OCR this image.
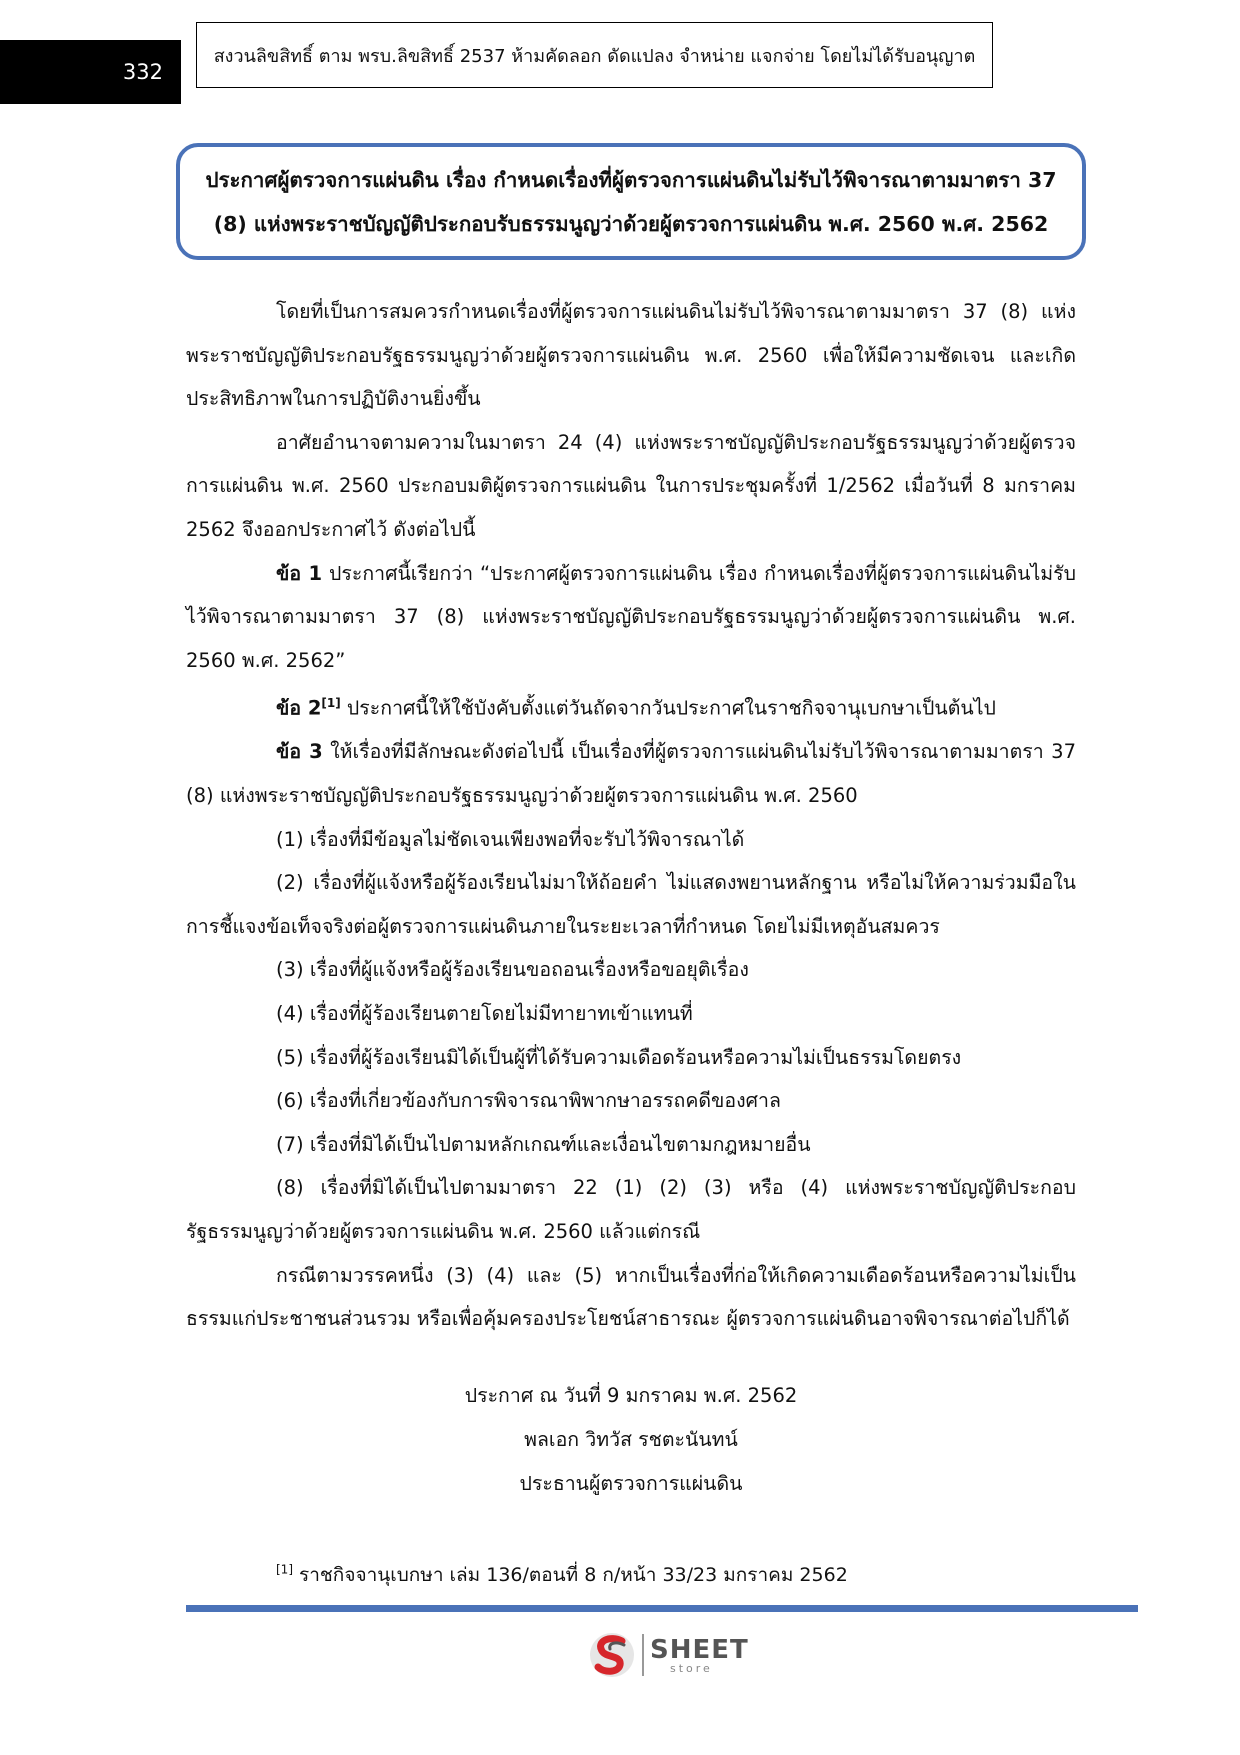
332
สงวนลิขสิทธิ์ ตาม พรบ.ลิขสิทธิ์ 2537 ห้ามคัดลอก ดัดแปลง จำหน่าย แจกจ่าย โดยไม่ได้รับอนุญาต
ประกาศผู้ตรวจการแผ่นดิน เรื่อง กำหนดเรื่องที่ผู้ตรวจการแผ่นดินไม่รับไว้พิจารณาตามมาตรา 37
(8) แห่งพระราชบัญญัติประกอบรับธรรมนูญว่าด้วยผู้ตรวจการแผ่นดิน พ.ศ. 2560 พ.ศ. 2562

โดยที่เป็นการสมควรกำหนดเรื่องที่ผู้ตรวจการแผ่นดินไม่รับไว้พิจารณาตามมาตรา 37 (8) แห่งพระราชบัญญัติประกอบรัฐธรรมนูญว่าด้วยผู้ตรวจการแผ่นดิน พ.ศ. 2560 เพื่อให้มีความชัดเจน และเกิดประสิทธิภาพในการปฏิบัติงานยิ่งขึ้น

อาศัยอำนาจตามความในมาตรา 24 (4) แห่งพระราชบัญญัติประกอบรัฐธรรมนูญว่าด้วยผู้ตรวจการแผ่นดิน พ.ศ. 2560 ประกอบมติผู้ตรวจการแผ่นดิน ในการประชุมครั้งที่ 1/2562 เมื่อวันที่ 8 มกราคม 2562 จึงออกประกาศไว้ ดังต่อไปนี้

ข้อ 1 ประกาศนี้เรียกว่า “ประกาศผู้ตรวจการแผ่นดิน เรื่อง กำหนดเรื่องที่ผู้ตรวจการแผ่นดินไม่รับไว้พิจารณาตามมาตรา 37 (8) แห่งพระราชบัญญัติประกอบรัฐธรรมนูญว่าด้วยผู้ตรวจการแผ่นดิน พ.ศ. 2560 พ.ศ. 2562”

ข้อ 2[1] ประกาศนี้ให้ใช้บังคับตั้งแต่วันถัดจากวันประกาศในราชกิจจานุเบกษาเป็นต้นไป

ข้อ 3 ให้เรื่องที่มีลักษณะดังต่อไปนี้ เป็นเรื่องที่ผู้ตรวจการแผ่นดินไม่รับไว้พิจารณาตามมาตรา 37 (8) แห่งพระราชบัญญัติประกอบรัฐธรรมนูญว่าด้วยผู้ตรวจการแผ่นดิน พ.ศ. 2560

(1) เรื่องที่มีข้อมูลไม่ชัดเจนเพียงพอที่จะรับไว้พิจารณาได้

(2) เรื่องที่ผู้แจ้งหรือผู้ร้องเรียนไม่มาให้ถ้อยคำ ไม่แสดงพยานหลักฐาน หรือไม่ให้ความร่วมมือในการชี้แจงข้อเท็จจริงต่อผู้ตรวจการแผ่นดินภายในระยะเวลาที่กำหนด โดยไม่มีเหตุอันสมควร

(3) เรื่องที่ผู้แจ้งหรือผู้ร้องเรียนขอถอนเรื่องหรือขอยุติเรื่อง

(4) เรื่องที่ผู้ร้องเรียนตายโดยไม่มีทายาทเข้าแทนที่

(5) เรื่องที่ผู้ร้องเรียนมิได้เป็นผู้ที่ได้รับความเดือดร้อนหรือความไม่เป็นธรรมโดยตรง

(6) เรื่องที่เกี่ยวข้องกับการพิจารณาพิพากษาอรรถคดีของศาล

(7) เรื่องที่มิได้เป็นไปตามหลักเกณฑ์และเงื่อนไขตามกฎหมายอื่น

(8) เรื่องที่มิได้เป็นไปตามมาตรา 22 (1) (2) (3) หรือ (4) แห่งพระราชบัญญัติประกอบรัฐธรรมนูญว่าด้วยผู้ตรวจการแผ่นดิน พ.ศ. 2560 แล้วแต่กรณี

กรณีตามวรรคหนึ่ง (3) (4) และ (5) หากเป็นเรื่องที่ก่อให้เกิดความเดือดร้อนหรือความไม่เป็นธรรมแก่ประชาชนส่วนรวม หรือเพื่อคุ้มครองประโยชน์สาธารณะ ผู้ตรวจการแผ่นดินอาจพิจารณาต่อไปก็ได้

ประกาศ ณ วันที่ 9 มกราคม พ.ศ. 2562
พลเอก วิทวัส รชตะนันทน์
ประธานผู้ตรวจการแผ่นดิน
[1] ราชกิจจานุเบกษา เล่ม 136/ตอนที่ 8 ก/หน้า 33/23 มกราคม 2562
SHEET
store
